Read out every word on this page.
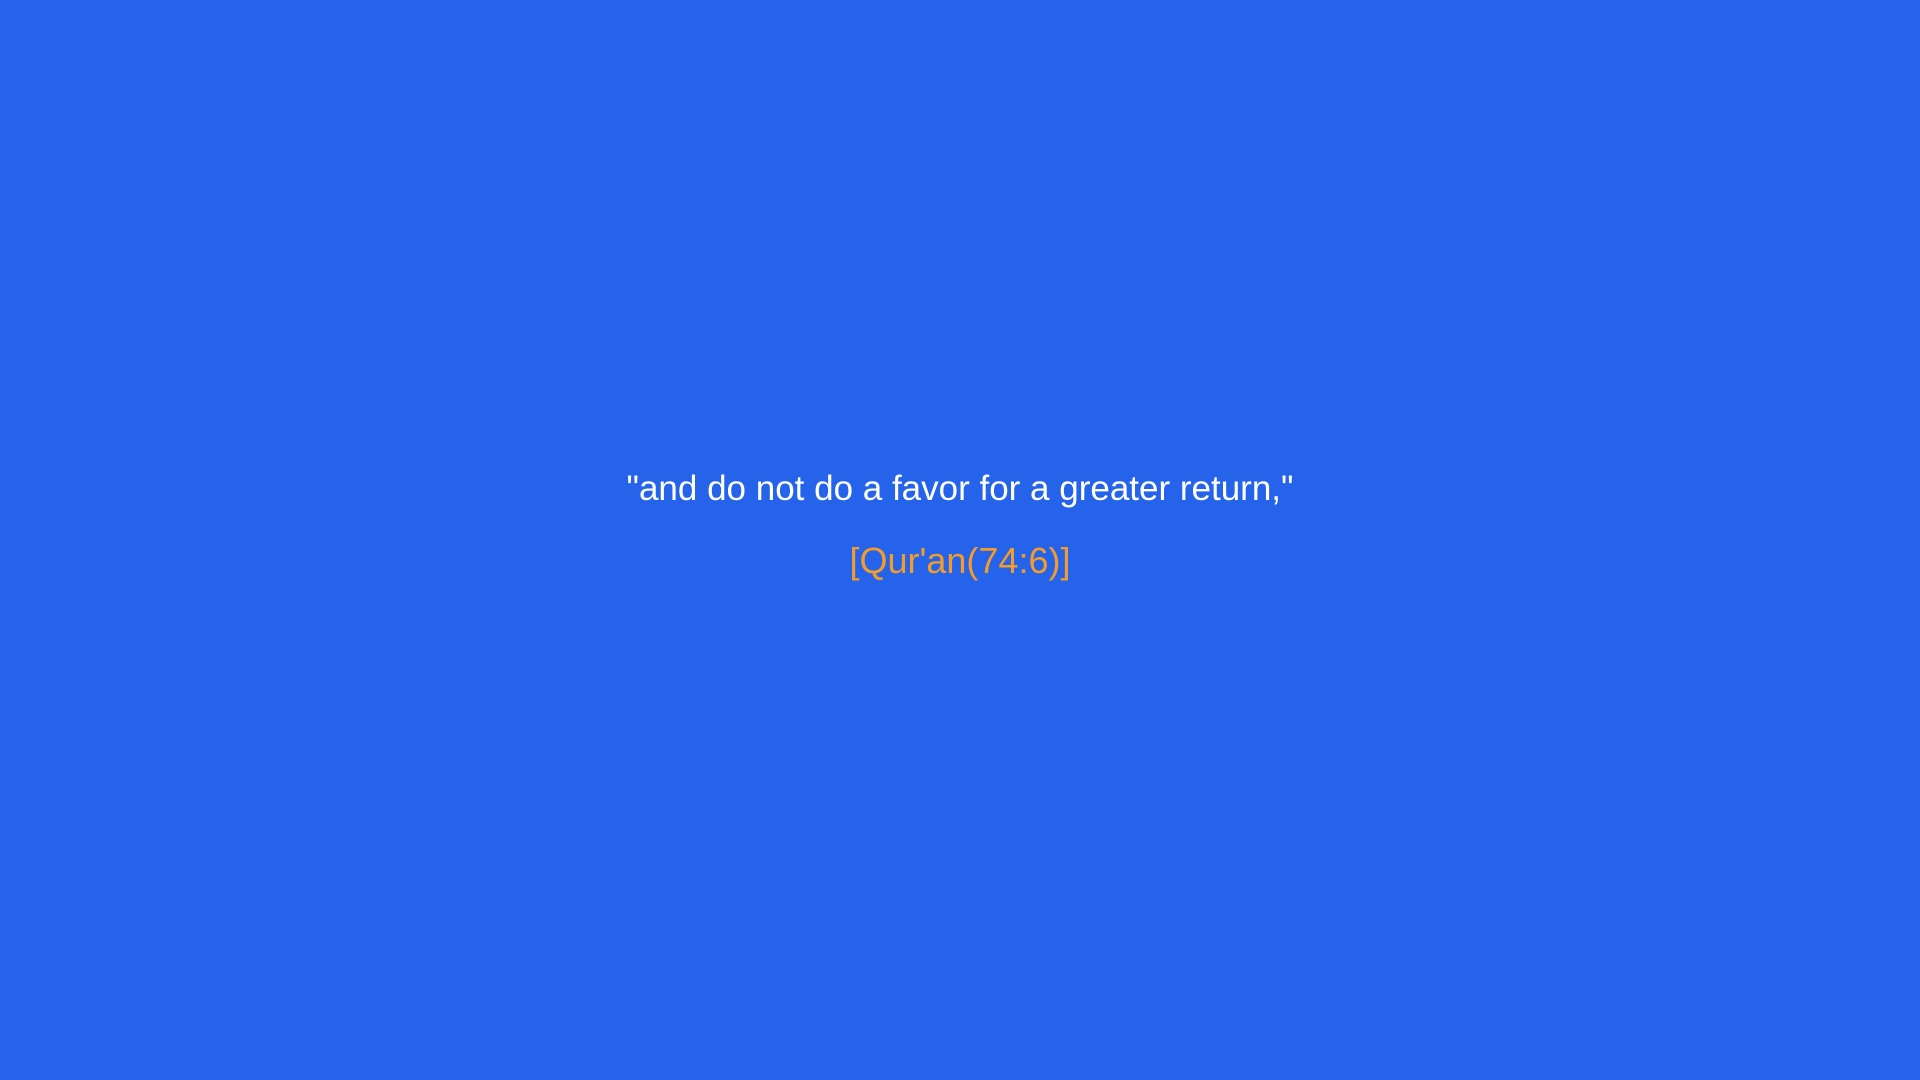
"and do not do a favor for a greater return,"
[Qur'an(74:6)]
